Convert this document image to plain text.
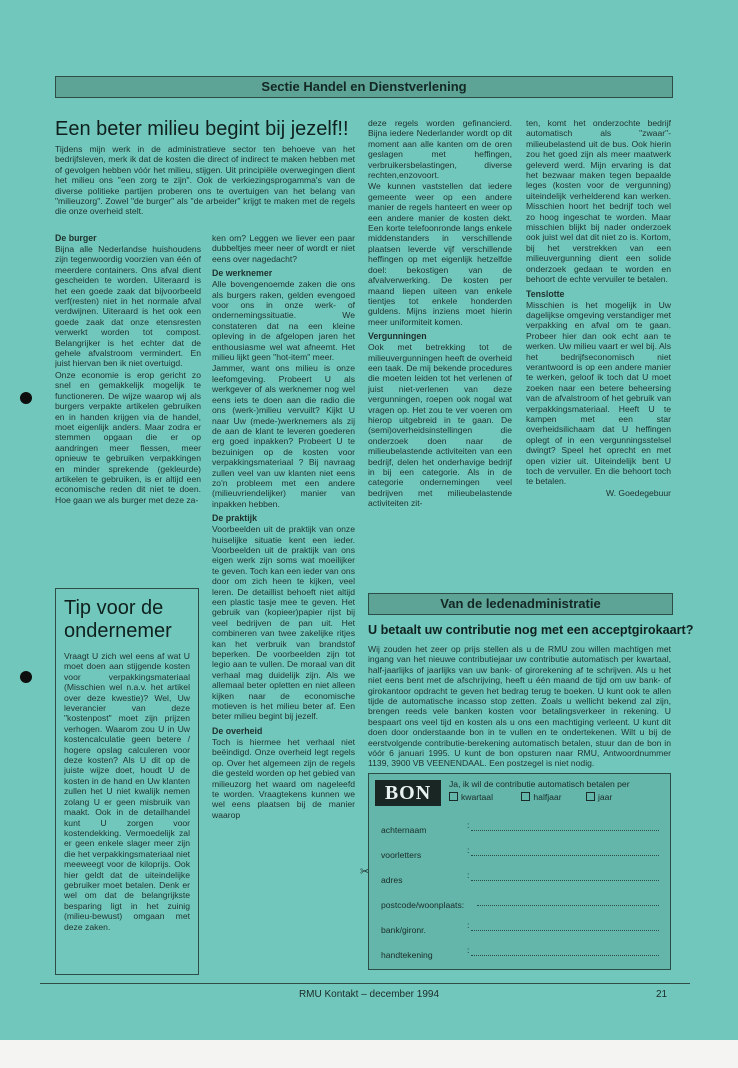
Sectie Handel en Dienstverlening
Een beter milieu begint bij jezelf!!

Tijdens mijn werk in de administratieve sector ten behoeve van het bedrijfsleven, merk ik dat de kosten die direct of indirect te maken hebben met of gevolgen hebben vóór het milieu, stijgen. Uit principiële overwegingen dient het milieu ons "een zorg te zijn". Ook de verkiezingsprogamma's van de diverse politieke partijen proberen ons te overtuigen van het belang van "milieuzorg". Zowel "de burger" als "de arbeider" krijgt te maken met de regels die onze overheid stelt.

De burger

Bijna alle Nederlandse huishoudens zijn tegenwoordig voorzien van één of meerdere containers. Ons afval dient gescheiden te worden. Uiteraard is het een goede zaak dat bijvoorbeeld verf(resten) niet in het normale afval verdwijnen. Uiteraard is het ook een goede zaak dat onze etensresten verwerkt worden tot compost. Belangrijker is het echter dat de gehele afvalstroom vermindert. En juist hiervan ben ik niet overtuigd.

Onze economie is erop gericht zo snel en gemakkelijk mogelijk te functioneren. De wijze waarop wij als burgers verpakte artikelen gebruiken en in handen krijgen via de handel, moet eigenlijk anders. Maar zodra er stemmen opgaan die er op aandringen meer flessen, meer opnieuw te gebruiken verpakkingen en minder sprekende (gekleurde) artikelen te gebruiken, is er altijd een economische reden dit niet te doen. Hoe gaan we als burger met deze za-

Tip voor de
ondernemer

Vraagt U zich wel eens af wat U moet doen aan stijgende kosten voor verpakkingsmateriaal (Misschien wel n.a.v. het artikel over deze kwestie)? Wel, Uw leverancier van deze "kostenpost" moet zijn prijzen verhogen. Waarom zou U in Uw kostencalculatie geen betere / hogere opslag calculeren voor deze kosten? Als U dit op de juiste wijze doet, houdt U de kosten in de hand en Uw klanten zullen het U niet kwalijk nemen zolang U er geen misbruik van maakt. Ook in de detailhandel kunt U zorgen voor kostendekking. Vermoedelijk zal er geen enkele slager meer zijn die het verpakkingsmateriaal niet meeweegt voor de kiloprijs. Ook hier geldt dat de uiteindelijke gebruiker moet betalen. Denk er wel om dat de belangrijkste besparing ligt in het zuinig (milieu-bewust) omgaan met deze zaken.

ken om? Leggen we liever een paar dubbeltjes meer neer of wordt er niet eens over nagedacht?

De werknemer

Alle bovengenoemde zaken die ons als burgers raken, gelden evengoed voor ons in onze werk- of ondernemingssituatie. We constateren dat na een kleine opleving in de afgelopen jaren het enthousiasme wel wat afneemt. Het milieu lijkt geen "hot-item" meer.

Jammer, want ons milieu is onze leefomgeving. Probeert U als werkgever of als werknemer nog wel eens iets te doen aan die radio die ons (werk-)milieu vervuilt? Kijkt U naar Uw (mede-)werknemers als zij de aan de klant te leveren goederen erg goed inpakken? Probeert U te bezuinigen op de kosten voor verpakkingsmateriaal ? Bij navraag zullen veel van uw klanten niet eens zo'n probleem met een andere (milieuvriendelijker) manier van inpakken hebben.

De praktijk

Voorbeelden uit de praktijk van onze huiselijke situatie kent een ieder. Voorbeelden uit de praktijk van ons eigen werk zijn soms wat moeilijker te geven. Toch kan een ieder van ons door om zich heen te kijken, veel leren. De detaillist behoeft niet altijd een plastic tasje mee te geven. Het gebruik van (kopieer)papier rijst bij veel bedrijven de pan uit. Het combineren van twee zakelijke ritjes kan het verbruik van brandstof beperken. De voorbeelden zijn tot legio aan te vullen. De moraal van dit verhaal mag duidelijk zijn. Als we allemaal beter opletten en niet alleen kijken naar de economische motieven is het milieu beter af. Een beter milieu begint bij jezelf.

De overheid

Toch is hiermee het verhaal niet beëindigd. Onze overheid legt regels op. Over het algemeen zijn de regels die gesteld worden op het gebied van milieuzorg het waard om nageleefd te worden. Vraagtekens kunnen we wel eens plaatsen bij de manier waarop

deze regels worden gefinancierd. Bijna iedere Nederlander wordt op dit moment aan alle kanten om de oren geslagen met heffingen, verbruikersbelastingen, diverse rechten,enzovoort.

We kunnen vaststellen dat iedere gemeente weer op een andere manier de regels hanteert en weer op een andere manier de kosten dekt. Een korte telefoonronde langs enkele middenstanders in verschillende plaatsen leverde vijf verschillende heffingen op met eigenlijk hetzelfde doel: bekostigen van de afvalverwerking. De kosten per maand liepen uiteen van enkele tientjes tot enkele honderden guldens. Mijns inziens moet hierin meer uniformiteit komen.

Vergunningen

Ook met betrekking tot de milieuvergunningen heeft de overheid een taak. De mij bekende procedures die moeten leiden tot het verlenen of juist niet-verlenen van deze vergunningen, roepen ook nogal wat vragen op. Het zou te ver voeren om hierop uitgebreid in te gaan. De (semi)overheidsinstellingen die onderzoek doen naar de milieubelastende activiteiten van een bedrijf, delen het onderhavige bedrijf in bij een categorie. Als in de categorie ondernemingen veel bedrijven met milieubelastende activiteiten zit-

ten, komt het onderzochte bedrijf automatisch als "zwaar"-milieubelastend uit de bus. Ook hierin zou het goed zijn als meer maatwerk geleverd werd. Mijn ervaring is dat het bezwaar maken tegen bepaalde leges (kosten voor de vergunning) uiteindelijk verhelderend kan werken. Misschien hoort het bedrijf toch wel zo hoog ingeschat te worden. Maar misschien blijkt bij nader onderzoek ook juist wel dat dit niet zo is. Kortom, bij het verstrekken van een milieuvergunning dient een solide onderzoek gedaan te worden en behoort de echte vervuiler te betalen.

Tenslotte

Misschien is het mogelijk in Uw dagelijkse omgeving verstandiger met verpakking en afval om te gaan. Probeer hier dan ook echt aan te werken. Uw milieu vaart er wel bij. Als het bedrijfseconomisch niet verantwoord is op een andere manier te werken, geloof ik toch dat U moet zoeken naar een betere beheersing van de afvalstroom of het gebruik van verpakkingsmateriaal. Heeft U te kampen met een star overheidsilichaam dat U heffingen oplegt of in een vergunningsstelsel dwingt? Speel het oprecht en met open vizier uit. Uiteindelijk bent U toch de vervuiler. En die behoort toch te betalen.

W. Goedegebuur

Van de ledenadministratie
U betaalt uw contributie nog met een acceptgirokaart?

Wij zouden het zeer op prijs stellen als u de RMU zou willen machtigen met ingang van het nieuwe contributiejaar uw contributie automatisch per kwartaal, half-jaarlijks of jaarlijks van uw bank- of girorekening af te schrijven. Als u het niet eens bent met de afschrijving, heeft u één maand de tijd om uw bank- of girokantoor opdracht te geven het bedrag terug te boeken. U kunt ook te allen tijde de automatische incasso stop zetten. Zoals u wellicht bekend zal zijn, brengen reeds vele banken kosten voor betalingsverkeer in rekening. U bespaart ons veel tijd en kosten als u ons een machtiging verleent. U kunt dit doen door onderstaande bon in te vullen en te ondertekenen. Wilt u bij de eerstvolgende contributie-berekening automatisch betalen, stuur dan de bon in vóór 6 januari 1995. U kunt de bon opsturen naar RMU, Antwoordnummer 1139, 3900 VB VEENENDAAL. Een postzegel is niet nodig.

BON	Ja, ik wil de contributie automatisch betalen per
kwartaal	halfjaar	jaar
achternaam	:
voorletters	:
adres	:
postcode/woonplaats:
bank/gironr.	:
handtekening	:
✂
RMU Kontakt – december 1994	21
